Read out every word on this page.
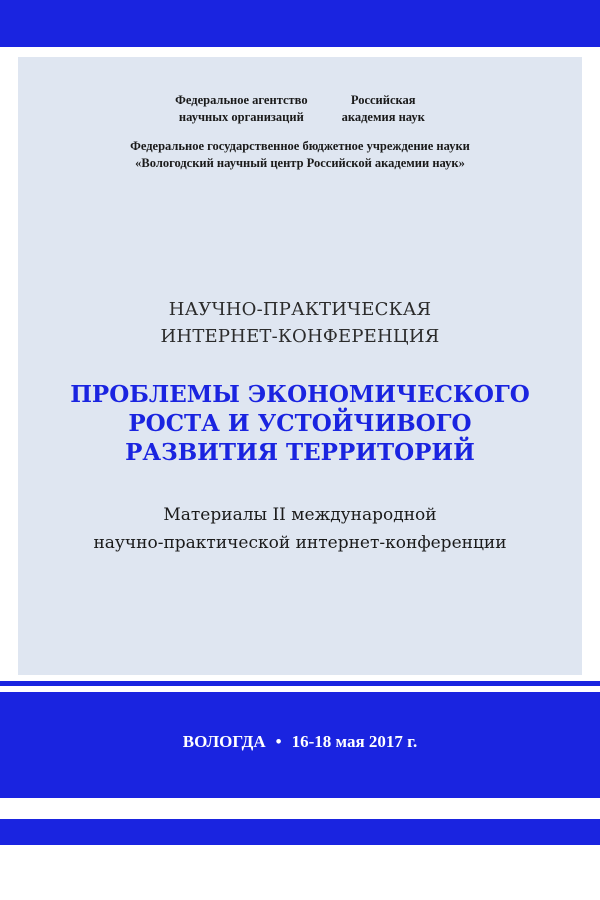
Федеральное агентство
научных организаций
Российская
академия наук
Федеральное государственное бюджетное учреждение науки
«Вологодский научный центр Российской академии наук»
НАУЧНО-ПРАКТИЧЕСКАЯ
ИНТЕРНЕТ-КОНФЕРЕНЦИЯ
ПРОБЛЕМЫ ЭКОНОМИЧЕСКОГО
РОСТА И УСТОЙЧИВОГО
РАЗВИТИЯ ТЕРРИТОРИЙ
Материалы II международной
научно-практической интернет-конференции
ВОЛОГДА • 16-18 мая 2017 г.
